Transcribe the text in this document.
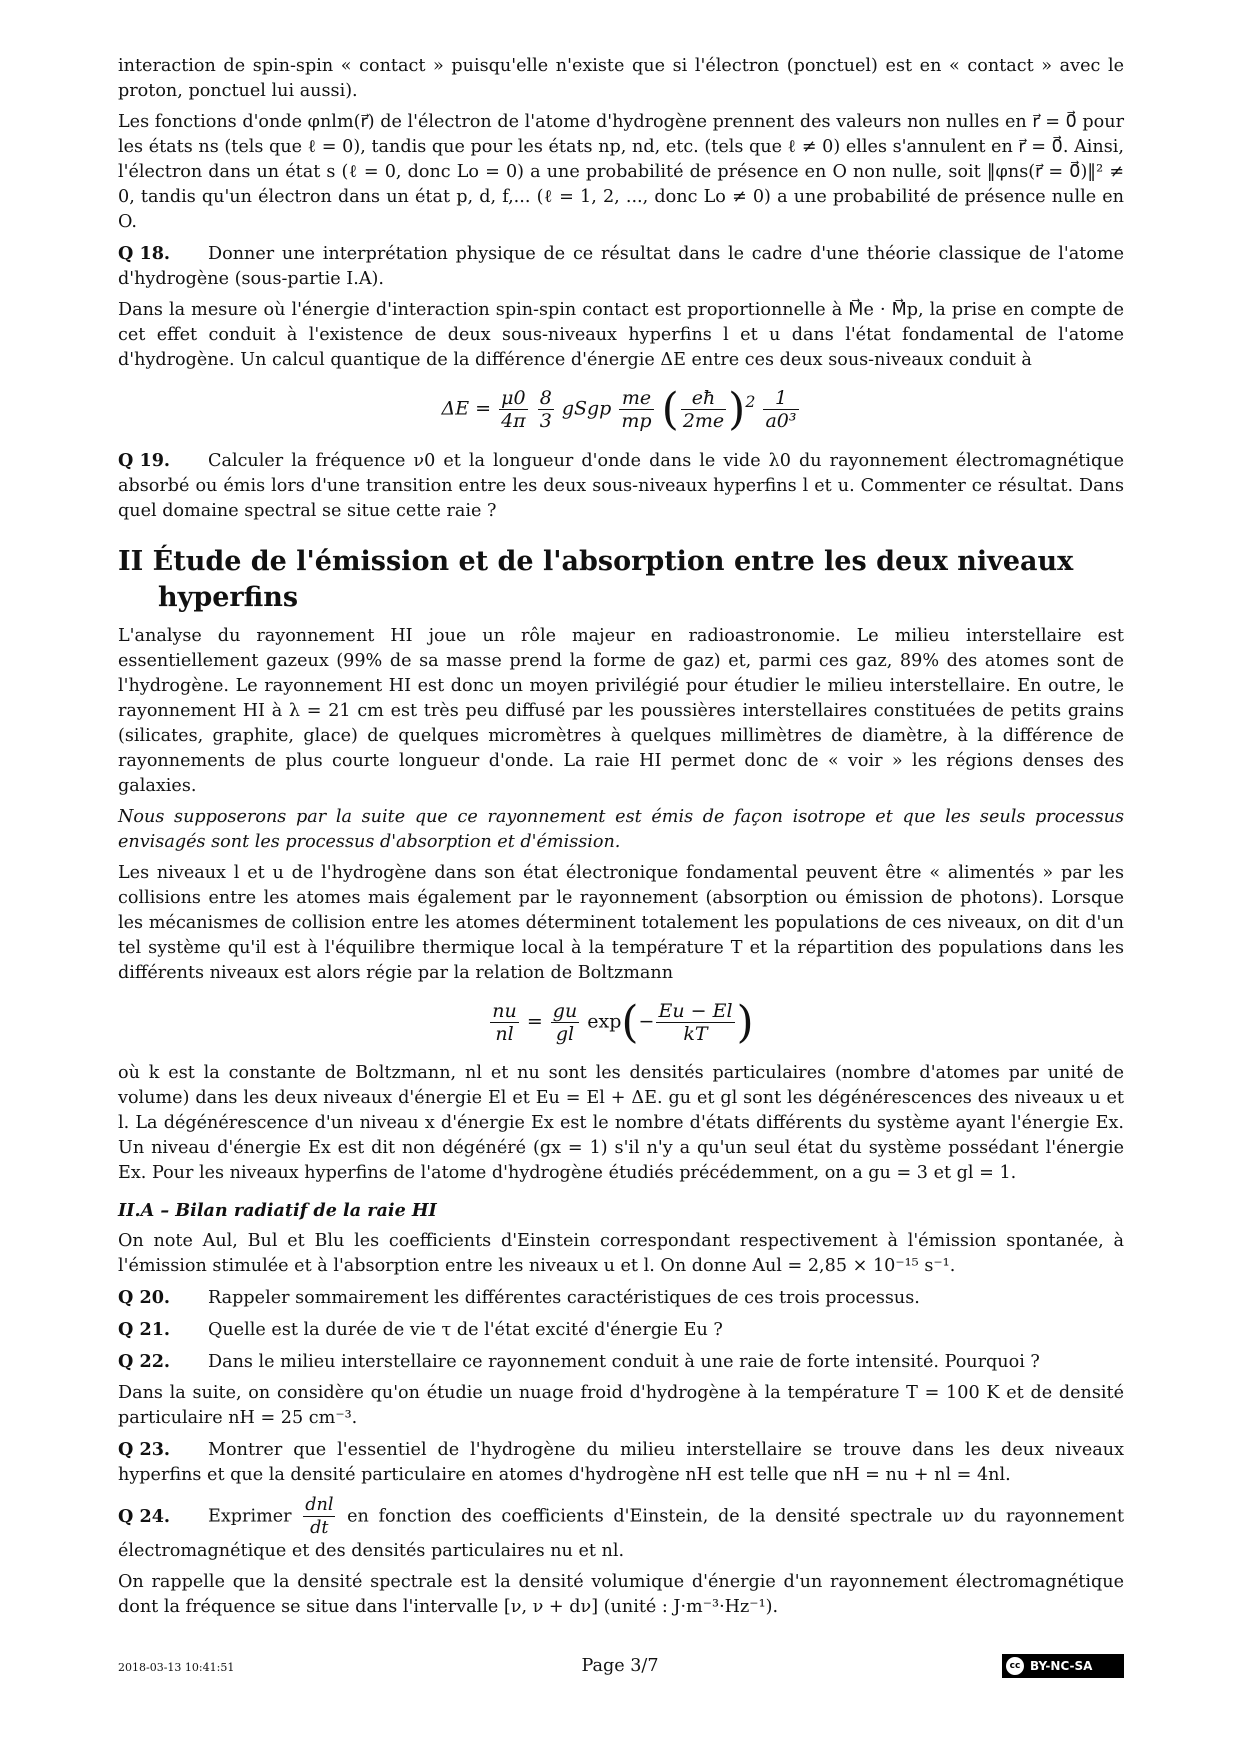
interaction de spin-spin « contact » puisqu'elle n'existe que si l'électron (ponctuel) est en « contact » avec le proton, ponctuel lui aussi).

Les fonctions d'onde φnlm(r⃗) de l'électron de l'atome d'hydrogène prennent des valeurs non nulles en r⃗ = 0⃗ pour les états ns (tels que ℓ = 0), tandis que pour les états np, nd, etc. (tels que ℓ ≠ 0) elles s'annulent en r⃗ = 0⃗. Ainsi, l'électron dans un état s (ℓ = 0, donc Lo = 0) a une probabilité de présence en O non nulle, soit ‖φns(r⃗ = 0⃗)‖² ≠ 0, tandis qu'un électron dans un état p, d, f,... (ℓ = 1, 2, ..., donc Lo ≠ 0) a une probabilité de présence nulle en O.

Q 18. Donner une interprétation physique de ce résultat dans le cadre d'une théorie classique de l'atome d'hydrogène (sous-partie I.A).

Dans la mesure où l'énergie d'interaction spin-spin contact est proportionnelle à M⃗e · M⃗p, la prise en compte de cet effet conduit à l'existence de deux sous-niveaux hyperfins l et u dans l'état fondamental de l'atome d'hydrogène. Un calcul quantique de la différence d'énergie ΔE entre ces deux sous-niveaux conduit à

$\Delta E = \frac{\mu 0}{4\pi}$
$\frac{8}{3}$ gSgp $\frac{me}{mp}$ ( $\frac{eħ}{2me} )^2 \frac{1}{\text{a0³}}$
Q 19. Calculer la fréquence ν0 et la longueur d'onde dans le vide λ0 du rayonnement électromagnétique absorbé ou émis lors d'une transition entre les deux sous-niveaux hyperfins l et u. Commenter ce résultat. Dans quel domaine spectral se situe cette raie ?
II Étude de l'émission et de l'absorption entre les deux niveaux hyperfins

L'analyse du rayonnement HI joue un rôle majeur en radioastronomie. Le milieu interstellaire est essentiellement gazeux (99% de sa masse prend la forme de gaz) et, parmi ces gaz, 89% des atomes sont de l'hydrogène. Le rayonnement HI est donc un moyen privilégié pour étudier le milieu interstellaire. En outre, le rayonnement HI à λ = 21 cm est très peu diffusé par les poussières interstellaires constituées de petits grains (silicates, graphite, glace) de quelques micromètres à quelques millimètres de diamètre, à la différence de rayonnements de plus courte longueur d'onde. La raie HI permet donc de « voir » les régions denses des galaxies.

Nous supposerons par la suite que ce rayonnement est émis de façon isotrope et que les seuls processus envisagés sont les processus d'absorption et d'émission.

Les niveaux l et u de l'hydrogène dans son état électronique fondamental peuvent être « alimentés » par les collisions entre les atomes mais également par le rayonnement (absorption ou émission de photons). Lorsque les mécanismes de collision entre les atomes déterminent totalement les populations de ces niveaux, on dit d'un tel système qu'il est à l'équilibre thermique local à la température T et la répartition des populations dans les différents niveaux est alors régie par la relation de Boltzmann

$\frac{nu}{nl} = \frac{gu}{gl} \exp(- \frac{Eu - El}{kT}$ )

où k est la constante de Boltzmann, nl et nu sont les densités particulaires (nombre d'atomes par unité de volume) dans les deux niveaux d'énergie El et Eu = El + ΔE. gu et gl sont les dégénérescences des niveaux u et l. La dégénérescence d'un niveau x d'énergie Ex est le nombre d'états différents du système ayant l'énergie Ex. Un niveau d'énergie Ex est dit non dégénéré (gx = 1) s'il n'y a qu'un seul état du système possédant l'énergie Ex. Pour les niveaux hyperfins de l'atome d'hydrogène étudiés précédemment, on a gu = 3 et gl = 1.

II.A – Bilan radiatif de la raie HI

On note Aul, Bul et Blu les coefficients d'Einstein correspondant respectivement à l'émission spontanée, à l'émission stimulée et à l'absorption entre les niveaux u et l. On donne Aul = 2,85 × 10⁻¹⁵ s⁻¹.

Q 20. Rappeler sommairement les différentes caractéristiques de ces trois processus.
Q 21. Quelle est la durée de vie τ de l'état excité d'énergie Eu ?
Q 22. Dans le milieu interstellaire ce rayonnement conduit à une raie de forte intensité. Pourquoi ?

Dans la suite, on considère qu'on étudie un nuage froid d'hydrogène à la température T = 100 K et de densité particulaire nH = 25 cm⁻³.

Q 23. Montrer que l'essentiel de l'hydrogène du milieu interstellaire se trouve dans les deux niveaux hyperfins et que la densité particulaire en atomes d'hydrogène nH est telle que nH = nu + nl = 4nl.
Q 24. Exprimer $\frac{\text{dnl}}{dt}$ en fonction des coefficients d'Einstein, de la densité spectrale uν du rayonnement électromagnétique et des densités particulaires nu et nl.

On rappelle que la densité spectrale est la densité volumique d'énergie d'un rayonnement électromagnétique dont la fréquence se situe dans l'intervalle [ν, ν + dν] (unité : J·m⁻³·Hz⁻¹).

2018-03-13 10:41:51	Page 3/7	cc BY-NC-SA
